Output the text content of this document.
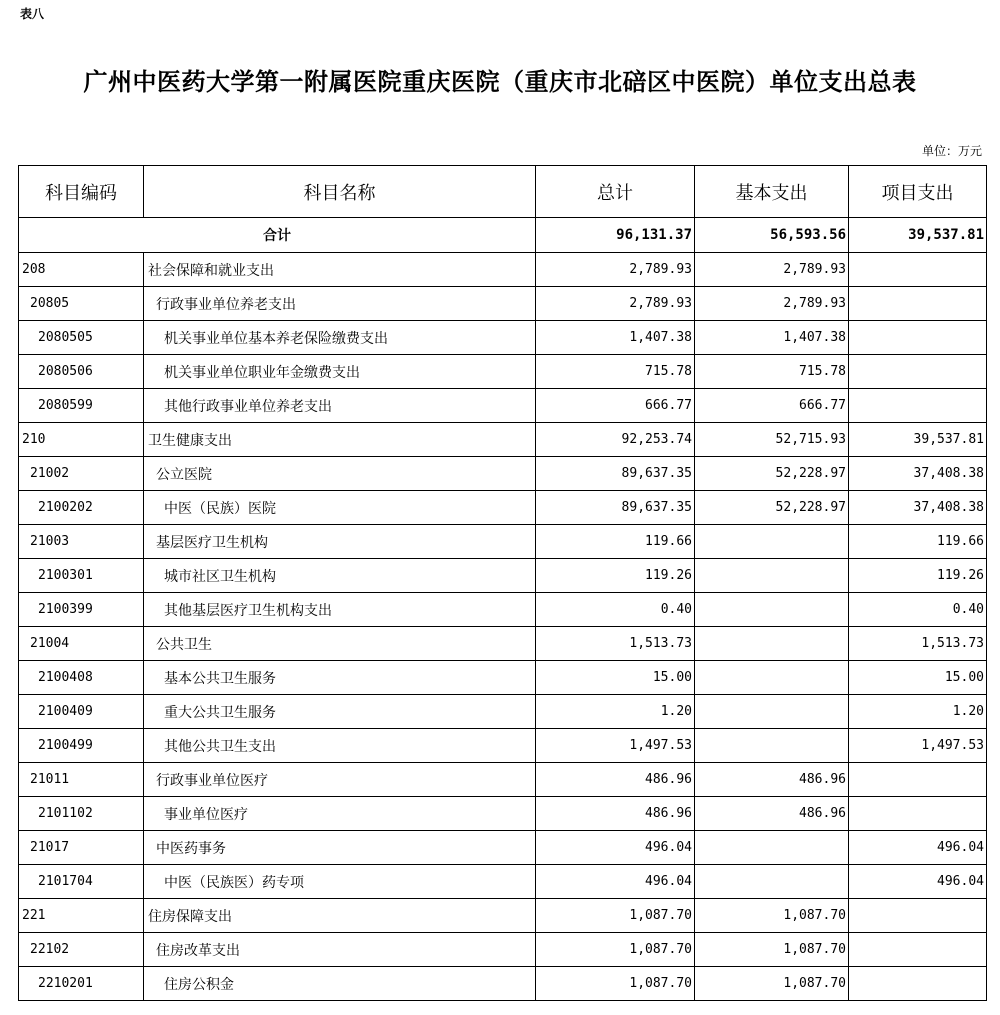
表八
广州中医药大学第一附属医院重庆医院（重庆市北碚区中医院）单位支出总表
单位：万元
科目编码	科目名称	总计	基本支出	项目支出
合计		96,131.37	56,593.56	39,537.81
208	社会保障和就业支出	2,789.93	2,789.93	
20805	行政事业单位养老支出	2,789.93	2,789.93	
2080505	机关事业单位基本养老保险缴费支出	1,407.38	1,407.38	
2080506	机关事业单位职业年金缴费支出	715.78	715.78	
2080599	其他行政事业单位养老支出	666.77	666.77	
210	卫生健康支出	92,253.74	52,715.93	39,537.81
21002	公立医院	89,637.35	52,228.97	37,408.38
2100202	中医（民族）医院	89,637.35	52,228.97	37,408.38
21003	基层医疗卫生机构	119.66		119.66
2100301	城市社区卫生机构	119.26		119.26
2100399	其他基层医疗卫生机构支出	0.40		0.40
21004	公共卫生	1,513.73		1,513.73
2100408	基本公共卫生服务	15.00		15.00
2100409	重大公共卫生服务	1.20		1.20
2100499	其他公共卫生支出	1,497.53		1,497.53
21011	行政事业单位医疗	486.96	486.96	
2101102	事业单位医疗	486.96	486.96	
21017	中医药事务	496.04		496.04
2101704	中医（民族医）药专项	496.04		496.04
221	住房保障支出	1,087.70	1,087.70	
22102	住房改革支出	1,087.70	1,087.70	
2210201	住房公积金	1,087.70	1,087.70	
